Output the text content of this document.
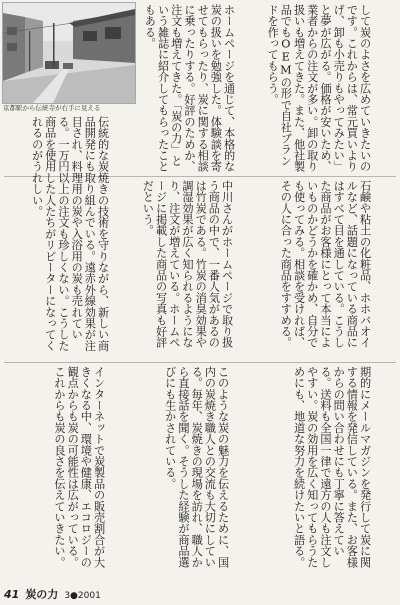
京都駅から伝統寺が右手に見える

	して炭のよさを広めていきたいのです。これからは、常元買いよりげ、卸も小売りもやってみたい」と夢が広がる。価格が安いため、業者からの注文が多い。卸の取り扱いも増えてきた。また、他社製品でもOEMの形で自社ブランドを作ってもらう。

ホームページを通じて、本格的な炭の扱いを勉強した。体験談を寄せてもらったり、炭に関する相談に乗ったりする。好評のためか、注文も増えてきた。「炭の力」という雑誌に紹介してもらったこともある。

石鹸や粘土の化粧品、ホホバオイルなど、話題になっている商品にはすべて目を通している。こうした商品がお客様にとって本当によいものかどうかを確かめ、自分でも使ってみる。相談を受ければ、その人に合った商品をすすめる。

中川さんがホームページで取り扱う商品の中で、一番人気があるのは竹炭である。竹炭の消臭効果や調湿効果が広く知られるようになり、注文が増えている。ホームページに掲載した商品の写真も好評だという。

伝統的な炭焼きの技術を守りながら、新しい商品開発にも取り組んでいる。遠赤外線効果が注目され、料理用の炭や入浴用の炭も売れている。一万円以上の注文も珍しくない。こうした商品を使用した人たちがリピーターになってくれるのがうれしい。

期的にメールマガジンを発行して炭に関する情報を発信している。また、お客様からの問い合わせにも丁寧に答えている。送料も全国一律で遠方の人も注文しやすい。炭の効用を広く知ってもらうためにも、地道な努力を続けたいと語る。

このような炭の魅力を伝えるために、国内の炭焼き職人との交流も大切にしている。毎年、炭焼きの現場を訪れ、職人から直接話を聞く。そうした経験が商品選びにも生かされている。

インターネットで炭製品の販売割合が大きくなる中、環境や健康、エコロジーの観点からも炭の可能性は広がっている。これからも炭の良さを伝えていきたい。

41 炭の力 3●2001
